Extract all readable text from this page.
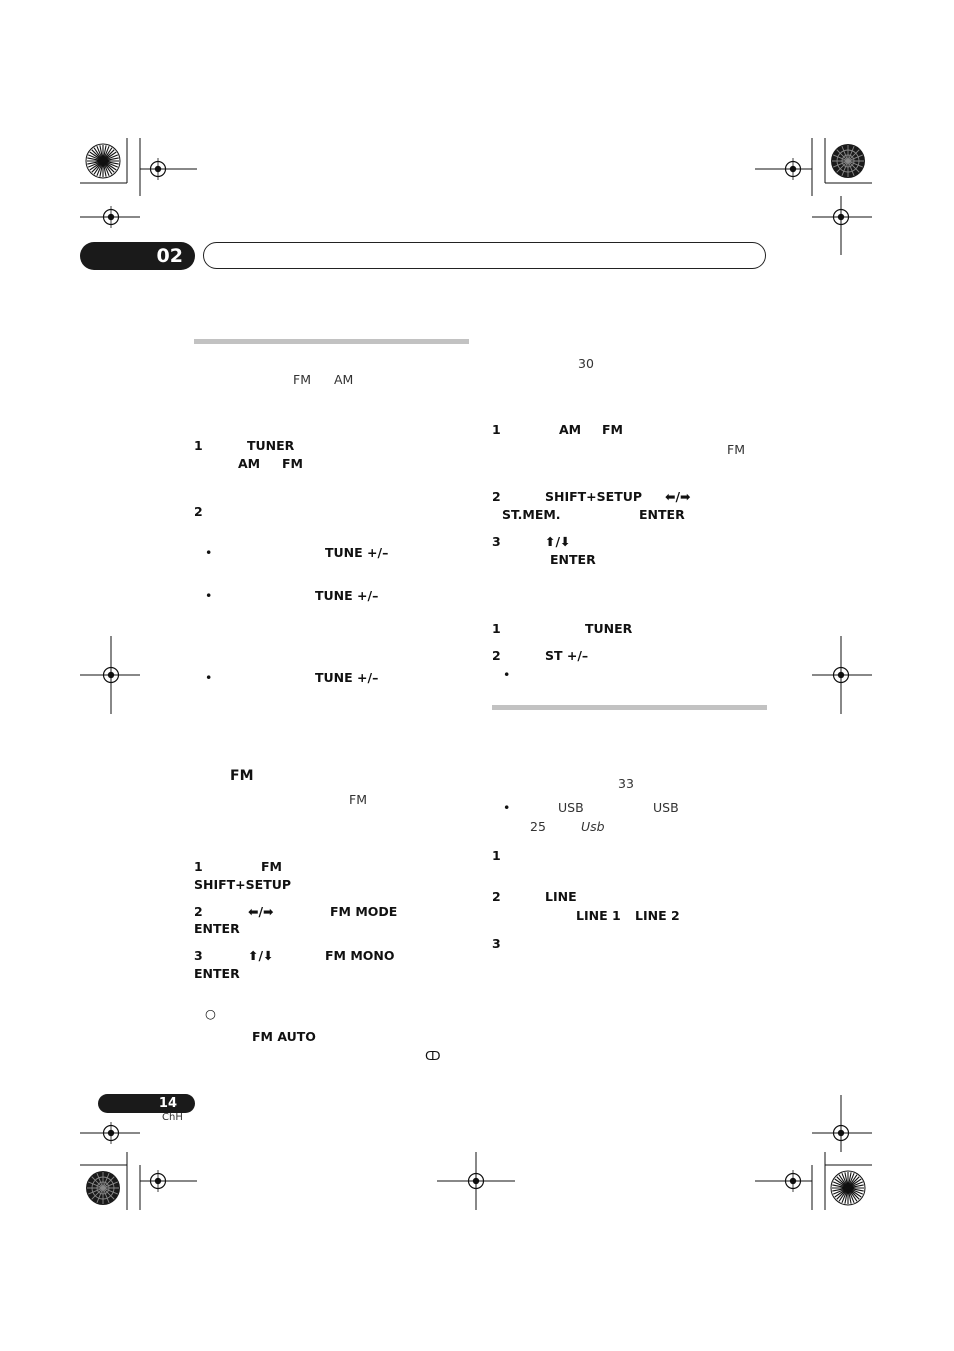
02
FM AM
1	TUNER
AM FM
2
•	TUNE +/–
•	TUNE +/–
•	TUNE +/–
FM
FM
1	FM
SHIFT+SETUP
2	⬅/➡	FM MODE
ENTER
3	⬆/⬇	FM MONO
ENTER
○
FM AUTO
ↀ
30
1	AM FM
FM
2	SHIFT+SETUP ⬅/➡
ST.MEM.	ENTER
3	⬆/⬇
ENTER
1	TUNER
2	ST +/–
•
33
•	USB	USB
25	Usb
1
2	LINE
LINE 1 LINE 2
3
14
ChH
